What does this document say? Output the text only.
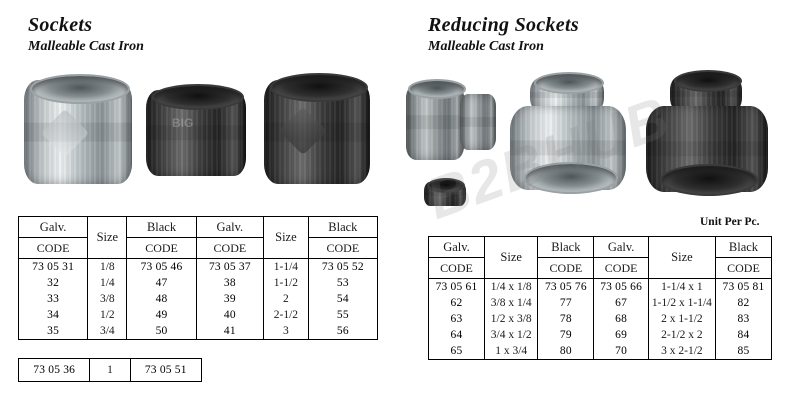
Sockets
Malleable Cast Iron
Reducing Sockets
Malleable Cast Iron
BIG
Galv.	Size	Black	Galv.	Size	Black
CODE		CODE	CODE		CODE
73 05 31	1/8	73 05 46	73 05 37	1-1/4	73 05 52
32	1/4	47	38	1-1/2	53
33	3/8	48	39	2	54
34	1/2	49	40	2-1/2	55
35	3/4	50	41	3	56
73 05 36	1	73 05 51
Unit Per Pc.
Galv.	Size	Black	Galv.	Size	Black
CODE		CODE	CODE		CODE
73 05 61	1/4 x 1/8	73 05 76	73 05 66	1-1/4 x 1	73 05 81
62	3/8 x 1/4	77	67	1-1/2 x 1-1/4	82
63	1/2 x 3/8	78	68	2 x 1-1/2	83
64	3/4 x 1/2	79	69	2-1/2 x 2	84
65	1 x 3/4	80	70	3 x 2-1/2	85
